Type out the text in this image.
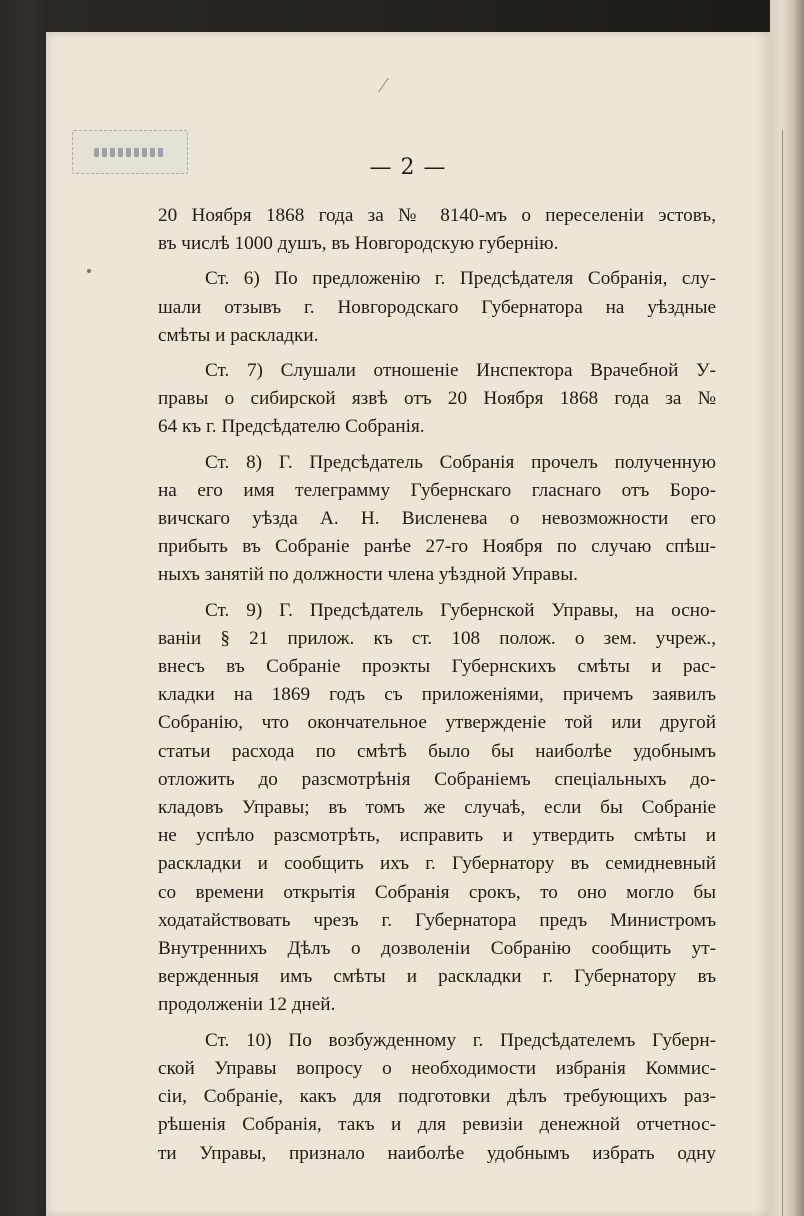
— 2 —
20 Ноября 1868 года за № 8140-мъ о переселеніи эстовъ,
въ числѣ 1000 душъ, въ Новгородскую губернію.
Ст. 6) По предложенію г. Предсѣдателя Собранія, слу-
шали отзывъ г. Новгородскаго Губернатора на уѣздные
смѣты и раскладки.
Ст. 7) Слушали отношеніе Инспектора Врачебной У-
правы о сибирской язвѣ отъ 20 Ноября 1868 года за №
64 къ г. Предсѣдателю Собранія.
Ст. 8) Г. Предсѣдатель Собранія прочелъ полученную
на его имя телеграмму Губернскаго гласнаго отъ Боро-
вичскаго уѣзда А. Н. Висленева о невозможности его
прибыть въ Собраніе ранѣе 27-го Ноября по случаю спѣш-
ныхъ занятій по должности члена уѣздной Управы.
Ст. 9) Г. Предсѣдатель Губернской Управы, на осно-
ваніи § 21 прилож. къ ст. 108 полож. о зем. учреж.,
внесъ въ Собраніе проэкты Губернскихъ смѣты и рас-
кладки на 1869 годъ съ приложеніями, причемъ заявилъ
Собранію, что окончательное утвержденіе той или другой
статьи расхода по смѣтѣ было бы наиболѣе удобнымъ
отложить до разсмотрѣнія Собраніемъ спеціальныхъ до-
кладовъ Управы; въ томъ же случаѣ, если бы Собраніе
не успѣло разсмотрѣть, исправить и утвердить смѣты и
раскладки и сообщить ихъ г. Губернатору въ семидневный
со времени открытія Собранія срокъ, то оно могло бы
ходатайствовать чрезъ г. Губернатора предъ Министромъ
Внутреннихъ Дѣлъ о дозволеніи Собранію сообщить ут-
вержденныя имъ смѣты и раскладки г. Губернатору въ
продолженіи 12 дней.
Ст. 10) По возбужденному г. Предсѣдателемъ Губерн-
ской Управы вопросу о необходимости избранія Коммис-
сіи, Собраніе, какъ для подготовки дѣлъ требующихъ раз-
рѣшенія Собранія, такъ и для ревизіи денежной отчетнос-
ти Управы, признало наиболѣе удобнымъ избрать одну
